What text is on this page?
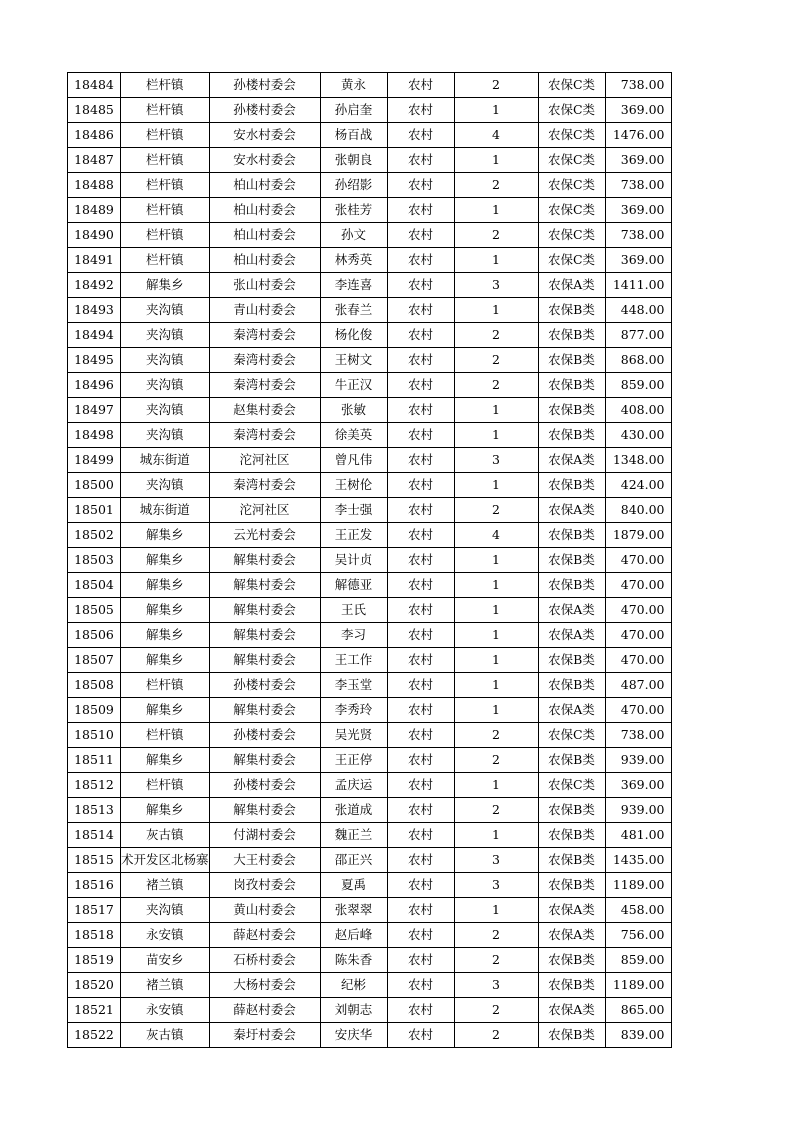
18484	栏杆镇	孙楼村委会	黄永	农村	2	农保C类	738.00
18485	栏杆镇	孙楼村委会	孙启奎	农村	1	农保C类	369.00
18486	栏杆镇	安水村委会	杨百战	农村	4	农保C类	1476.00
18487	栏杆镇	安水村委会	张朝良	农村	1	农保C类	369.00
18488	栏杆镇	柏山村委会	孙绍影	农村	2	农保C类	738.00
18489	栏杆镇	柏山村委会	张桂芳	农村	1	农保C类	369.00
18490	栏杆镇	柏山村委会	孙文	农村	2	农保C类	738.00
18491	栏杆镇	柏山村委会	林秀英	农村	1	农保C类	369.00
18492	解集乡	张山村委会	李连喜	农村	3	农保A类	1411.00
18493	夹沟镇	青山村委会	张春兰	农村	1	农保B类	448.00
18494	夹沟镇	秦湾村委会	杨化俊	农村	2	农保B类	877.00
18495	夹沟镇	秦湾村委会	王树文	农村	2	农保B类	868.00
18496	夹沟镇	秦湾村委会	牛正汉	农村	2	农保B类	859.00
18497	夹沟镇	赵集村委会	张敏	农村	1	农保B类	408.00
18498	夹沟镇	秦湾村委会	徐美英	农村	1	农保B类	430.00
18499	城东街道	沱河社区	曾凡伟	农村	3	农保A类	1348.00
18500	夹沟镇	秦湾村委会	王树伦	农村	1	农保B类	424.00
18501	城东街道	沱河社区	李士强	农村	2	农保A类	840.00
18502	解集乡	云光村委会	王正发	农村	4	农保B类	1879.00
18503	解集乡	解集村委会	吴计贞	农村	1	农保B类	470.00
18504	解集乡	解集村委会	解德亚	农村	1	农保B类	470.00
18505	解集乡	解集村委会	王氏	农村	1	农保A类	470.00
18506	解集乡	解集村委会	李习	农村	1	农保A类	470.00
18507	解集乡	解集村委会	王工作	农村	1	农保B类	470.00
18508	栏杆镇	孙楼村委会	李玉堂	农村	1	农保B类	487.00
18509	解集乡	解集村委会	李秀玲	农村	1	农保A类	470.00
18510	栏杆镇	孙楼村委会	吴光贤	农村	2	农保C类	738.00
18511	解集乡	解集村委会	王正停	农村	2	农保B类	939.00
18512	栏杆镇	孙楼村委会	孟庆运	农村	1	农保C类	369.00
18513	解集乡	解集村委会	张道成	农村	2	农保B类	939.00
18514	灰古镇	付湖村委会	魏正兰	农村	1	农保B类	481.00
18515	术开发区北杨寨	大王村委会	邵正兴	农村	3	农保B类	1435.00
18516	褚兰镇	岗孜村委会	夏禹	农村	3	农保B类	1189.00
18517	夹沟镇	黄山村委会	张翠翠	农村	1	农保A类	458.00
18518	永安镇	薛赵村委会	赵后峰	农村	2	农保A类	756.00
18519	苗安乡	石桥村委会	陈朱香	农村	2	农保B类	859.00
18520	褚兰镇	大杨村委会	纪彬	农村	3	农保B类	1189.00
18521	永安镇	薛赵村委会	刘朝志	农村	2	农保A类	865.00
18522	灰古镇	秦圩村委会	安庆华	农村	2	农保B类	839.00
